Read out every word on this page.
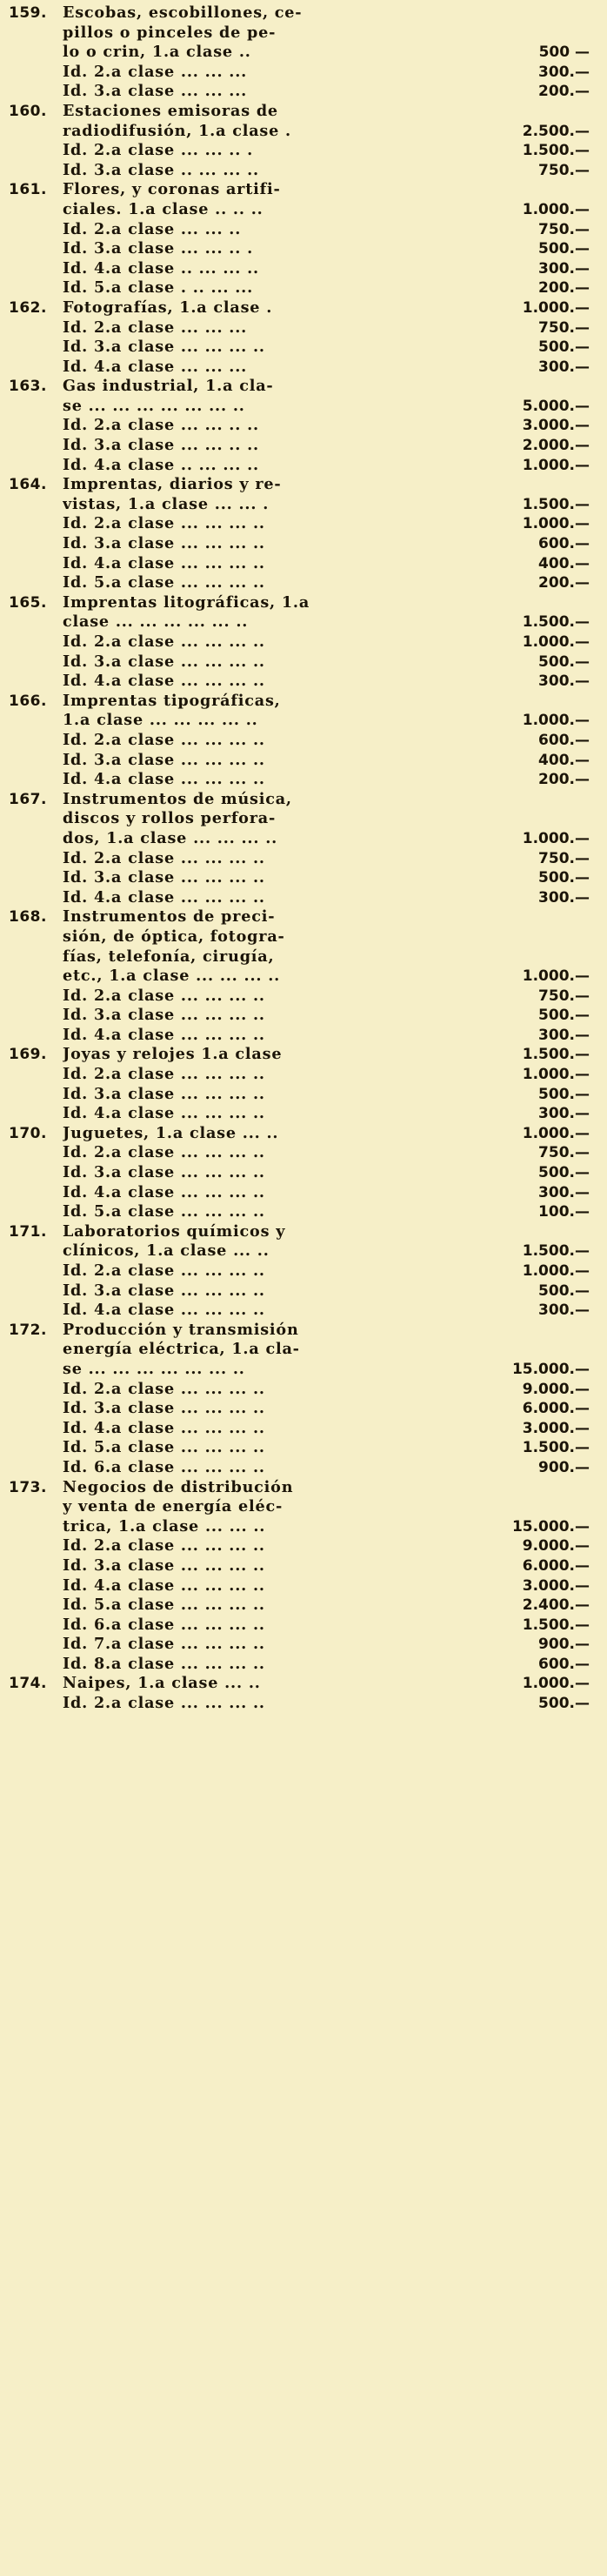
159.	Escobas, escobillones, ce-
pillos o pinceles de pe-
lo o crin, 1.a clase ..	500 —
Id. 2.a clase ... ... ...	300.—
Id. 3.a clase ... ... ...	200.—
160.	Estaciones emisoras de
radiodifusión, 1.a clase .	2.500.—
Id. 2.a clase ... ... .. .	1.500.—
Id. 3.a clase .. ... ... ..	750.—
161.	Flores, y coronas artifi-
ciales. 1.a clase .. .. ..	1.000.—
Id. 2.a clase ... ... ..	750.—
Id. 3.a clase ... ... .. .	500.—
Id. 4.a clase .. ... ... ..	300.—
Id. 5.a clase . .. ... ...	200.—
162.	Fotografías, 1.a clase .	1.000.—
Id. 2.a clase ... ... ...	750.—
Id. 3.a clase ... ... ... ..	500.—
Id. 4.a clase ... ... ...	300.—
163.	Gas industrial, 1.a cla-
se ... ... ... ... ... ... ..	5.000.—
Id. 2.a clase ... ... .. ..	3.000.—
Id. 3.a clase ... ... .. ..	2.000.—
Id. 4.a clase .. ... ... ..	1.000.—
164.	Imprentas, diarios y re-
vistas, 1.a clase ... ... .	1.500.—
Id. 2.a clase ... ... ... ..	1.000.—
Id. 3.a clase ... ... ... ..	600.—
Id. 4.a clase ... ... ... ..	400.—
Id. 5.a clase ... ... ... ..	200.—
165.	Imprentas litográficas, 1.a
clase ... ... ... ... ... ..	1.500.—
Id. 2.a clase ... ... ... ..	1.000.—
Id. 3.a clase ... ... ... ..	500.—
Id. 4.a clase ... ... ... ..	300.—
166.	Imprentas tipográficas,
1.a clase ... ... ... ... ..	1.000.—
Id. 2.a clase ... ... ... ..	600.—
Id. 3.a clase ... ... ... ..	400.—
Id. 4.a clase ... ... ... ..	200.—
167.	Instrumentos de música,
discos y rollos perfora-
dos, 1.a clase ... ... ... ..	1.000.—
Id. 2.a clase ... ... ... ..	750.—
Id. 3.a clase ... ... ... ..	500.—
Id. 4.a clase ... ... ... ..	300.—
168.	Instrumentos de preci-
sión, de óptica, fotogra-
fías, telefonía, cirugía,
etc., 1.a clase ... ... ... ..	1.000.—
Id. 2.a clase ... ... ... ..	750.—
Id. 3.a clase ... ... ... ..	500.—
Id. 4.a clase ... ... ... ..	300.—
169.	Joyas y relojes 1.a clase	1.500.—
Id. 2.a clase ... ... ... ..	1.000.—
Id. 3.a clase ... ... ... ..	500.—
Id. 4.a clase ... ... ... ..	300.—
170.	Juguetes, 1.a clase ... ..	1.000.—
Id. 2.a clase ... ... ... ..	750.—
Id. 3.a clase ... ... ... ..	500.—
Id. 4.a clase ... ... ... ..	300.—
Id. 5.a clase ... ... ... ..	100.—
171.	Laboratorios químicos y
clínicos, 1.a clase ... ..	1.500.—
Id. 2.a clase ... ... ... ..	1.000.—
Id. 3.a clase ... ... ... ..	500.—
Id. 4.a clase ... ... ... ..	300.—
172.	Producción y transmisión
energía eléctrica, 1.a cla-
se ... ... ... ... ... ... ..	15.000.—
Id. 2.a clase ... ... ... ..	9.000.—
Id. 3.a clase ... ... ... ..	6.000.—
Id. 4.a clase ... ... ... ..	3.000.—
Id. 5.a clase ... ... ... ..	1.500.—
Id. 6.a clase ... ... ... ..	900.—
173.	Negocios de distribución
y venta de energía eléc-
trica, 1.a clase ... ... ..	15.000.—
Id. 2.a clase ... ... ... ..	9.000.—
Id. 3.a clase ... ... ... ..	6.000.—
Id. 4.a clase ... ... ... ..	3.000.—
Id. 5.a clase ... ... ... ..	2.400.—
Id. 6.a clase ... ... ... ..	1.500.—
Id. 7.a clase ... ... ... ..	900.—
Id. 8.a clase ... ... ... ..	600.—
174.	Naipes, 1.a clase ... ..	1.000.—
Id. 2.a clase ... ... ... ..	500.—
